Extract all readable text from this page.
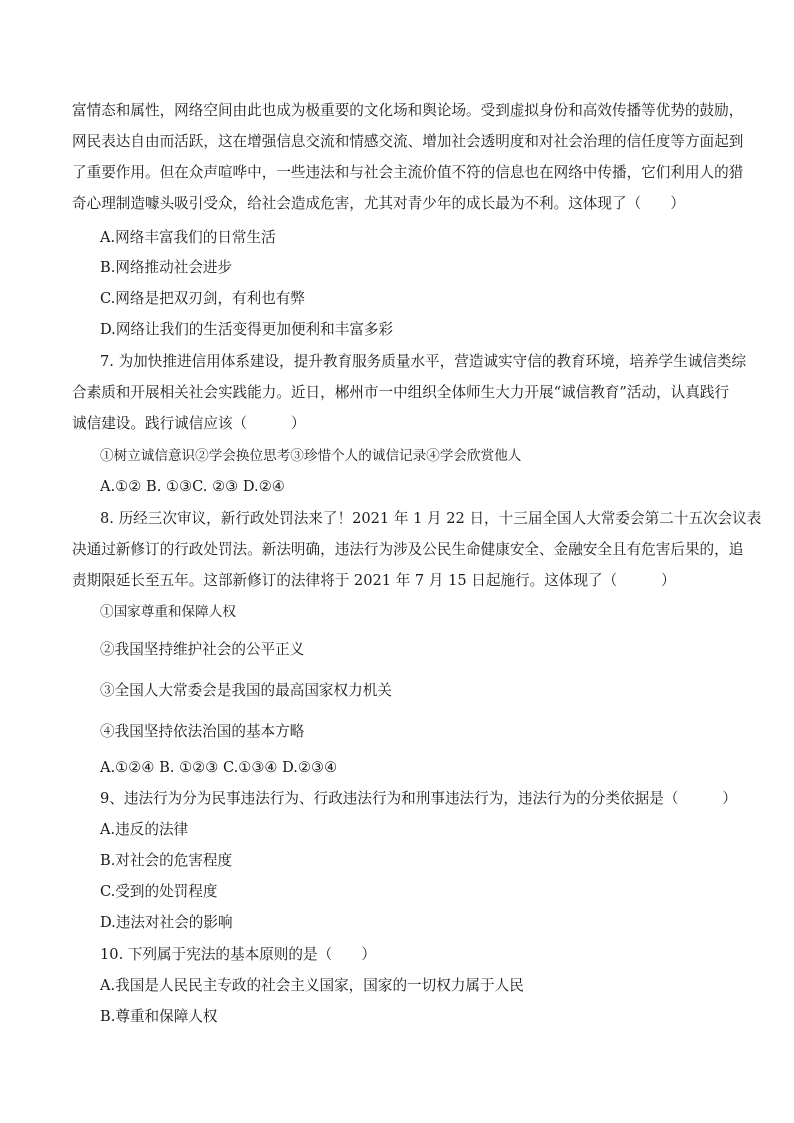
富情态和属性，网络空间由此也成为极重要的文化场和舆论场。受到虚拟身份和高效传播等优势的鼓励，
网民表达自由而活跃，这在增强信息交流和情感交流、增加社会透明度和对社会治理的信任度等方面起到
了重要作用。但在众声喧哗中，一些违法和与社会主流价值不符的信息也在网络中传播，它们利用人的猎
奇心理制造噱头吸引受众，给社会造成危害，尤其对青少年的成长最为不利。这体现了（　　）
A.网络丰富我们的日常生活
B.网络推动社会进步
C.网络是把双刃剑，有利也有弊
D.网络让我们的生活变得更加便利和丰富多彩
7. 为加快推进信用体系建设，提升教育服务质量水平，营造诚实守信的教育环境，培养学生诚信类综
合素质和开展相关社会实践能力。近日，郴州市一中组织全体师生大力开展“诚信教育”活动，认真践行
诚信建设。践行诚信应该（　　　）
①树立诚信意识②学会换位思考③珍惜个人的诚信记录④学会欣赏他人
A.①② B. ①③C. ②③ D.②④
8. 历经三次审议，新行政处罚法来了！2021 年 1 月 22 日，十三届全国人大常委会第二十五次会议表
决通过新修订的行政处罚法。新法明确，违法行为涉及公民生命健康安全、金融安全且有危害后果的，追
责期限延长至五年。这部新修订的法律将于 2021 年 7 月 15 日起施行。这体现了（　　　）
①国家尊重和保障人权
②我国坚持维护社会的公平正义
③全国人大常委会是我国的最高国家权力机关
④我国坚持依法治国的基本方略
A.①②④ B. ①②③ C.①③④ D.②③④
9、违法行为分为民事违法行为、行政违法行为和刑事违法行为，违法行为的分类依据是（　　　）
A.违反的法律
B.对社会的危害程度
C.受到的处罚程度
D.违法对社会的影响
10. 下列属于宪法的基本原则的是（　　）
A.我国是人民民主专政的社会主义国家，国家的一切权力属于人民
B.尊重和保障人权
